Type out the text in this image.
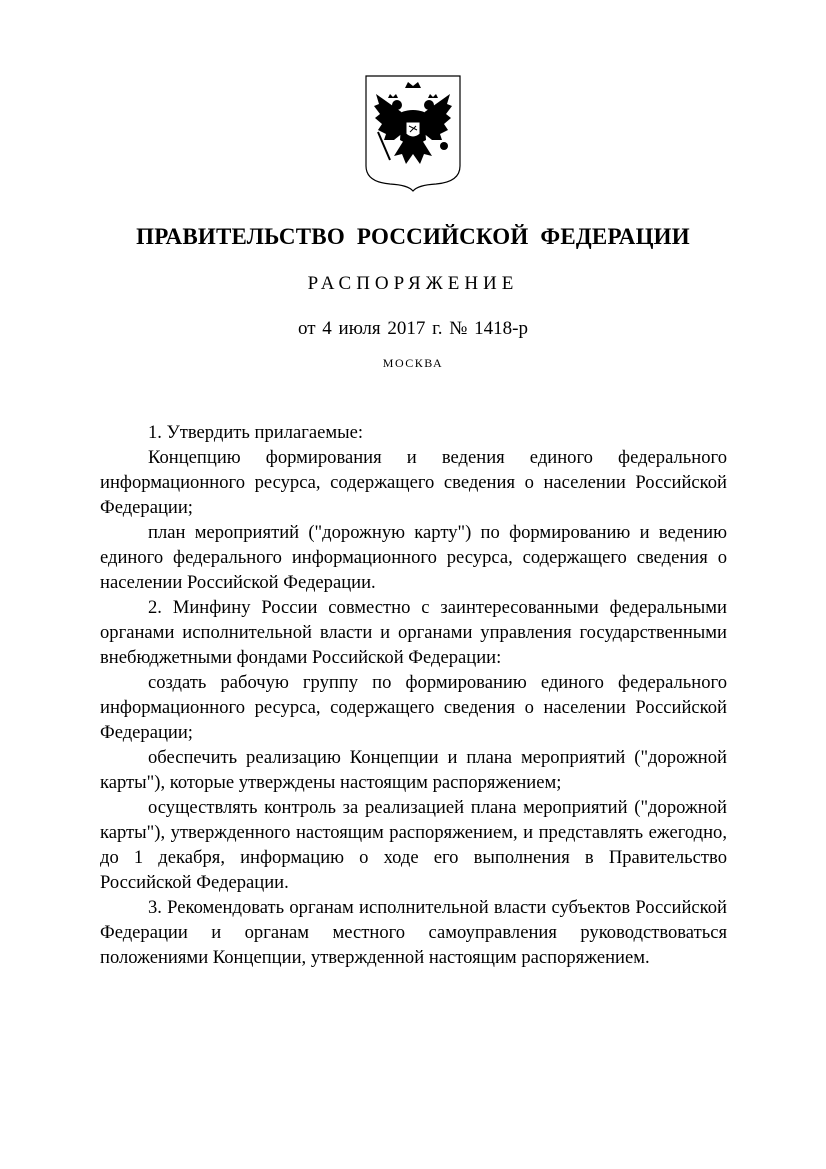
ПРАВИТЕЛЬСТВО РОССИЙСКОЙ ФЕДЕРАЦИИ
РАСПОРЯЖЕНИЕ
от 4 июля 2017 г. № 1418-р
МОСКВА

1. Утвердить прилагаемые:

Концепцию формирования и ведения единого федерального информационного ресурса, содержащего сведения о населении Российской Федерации;

план мероприятий ("дорожную карту") по формированию и ведению единого федерального информационного ресурса, содержащего сведения о населении Российской Федерации.

2. Минфину России совместно с заинтересованными федеральными органами исполнительной власти и органами управления государственными внебюджетными фондами Российской Федерации:

создать рабочую группу по формированию единого федерального информационного ресурса, содержащего сведения о населении Российской Федерации;

обеспечить реализацию Концепции и плана мероприятий ("дорожной карты"), которые утверждены настоящим распоряжением;

осуществлять контроль за реализацией плана мероприятий ("дорожной карты"), утвержденного настоящим распоряжением, и представлять ежегодно, до 1 декабря, информацию о ходе его выполнения в Правительство Российской Федерации.

3. Рекомендовать органам исполнительной власти субъектов Российской Федерации и органам местного самоуправления руководствоваться положениями Концепции, утвержденной настоящим распоряжением.
